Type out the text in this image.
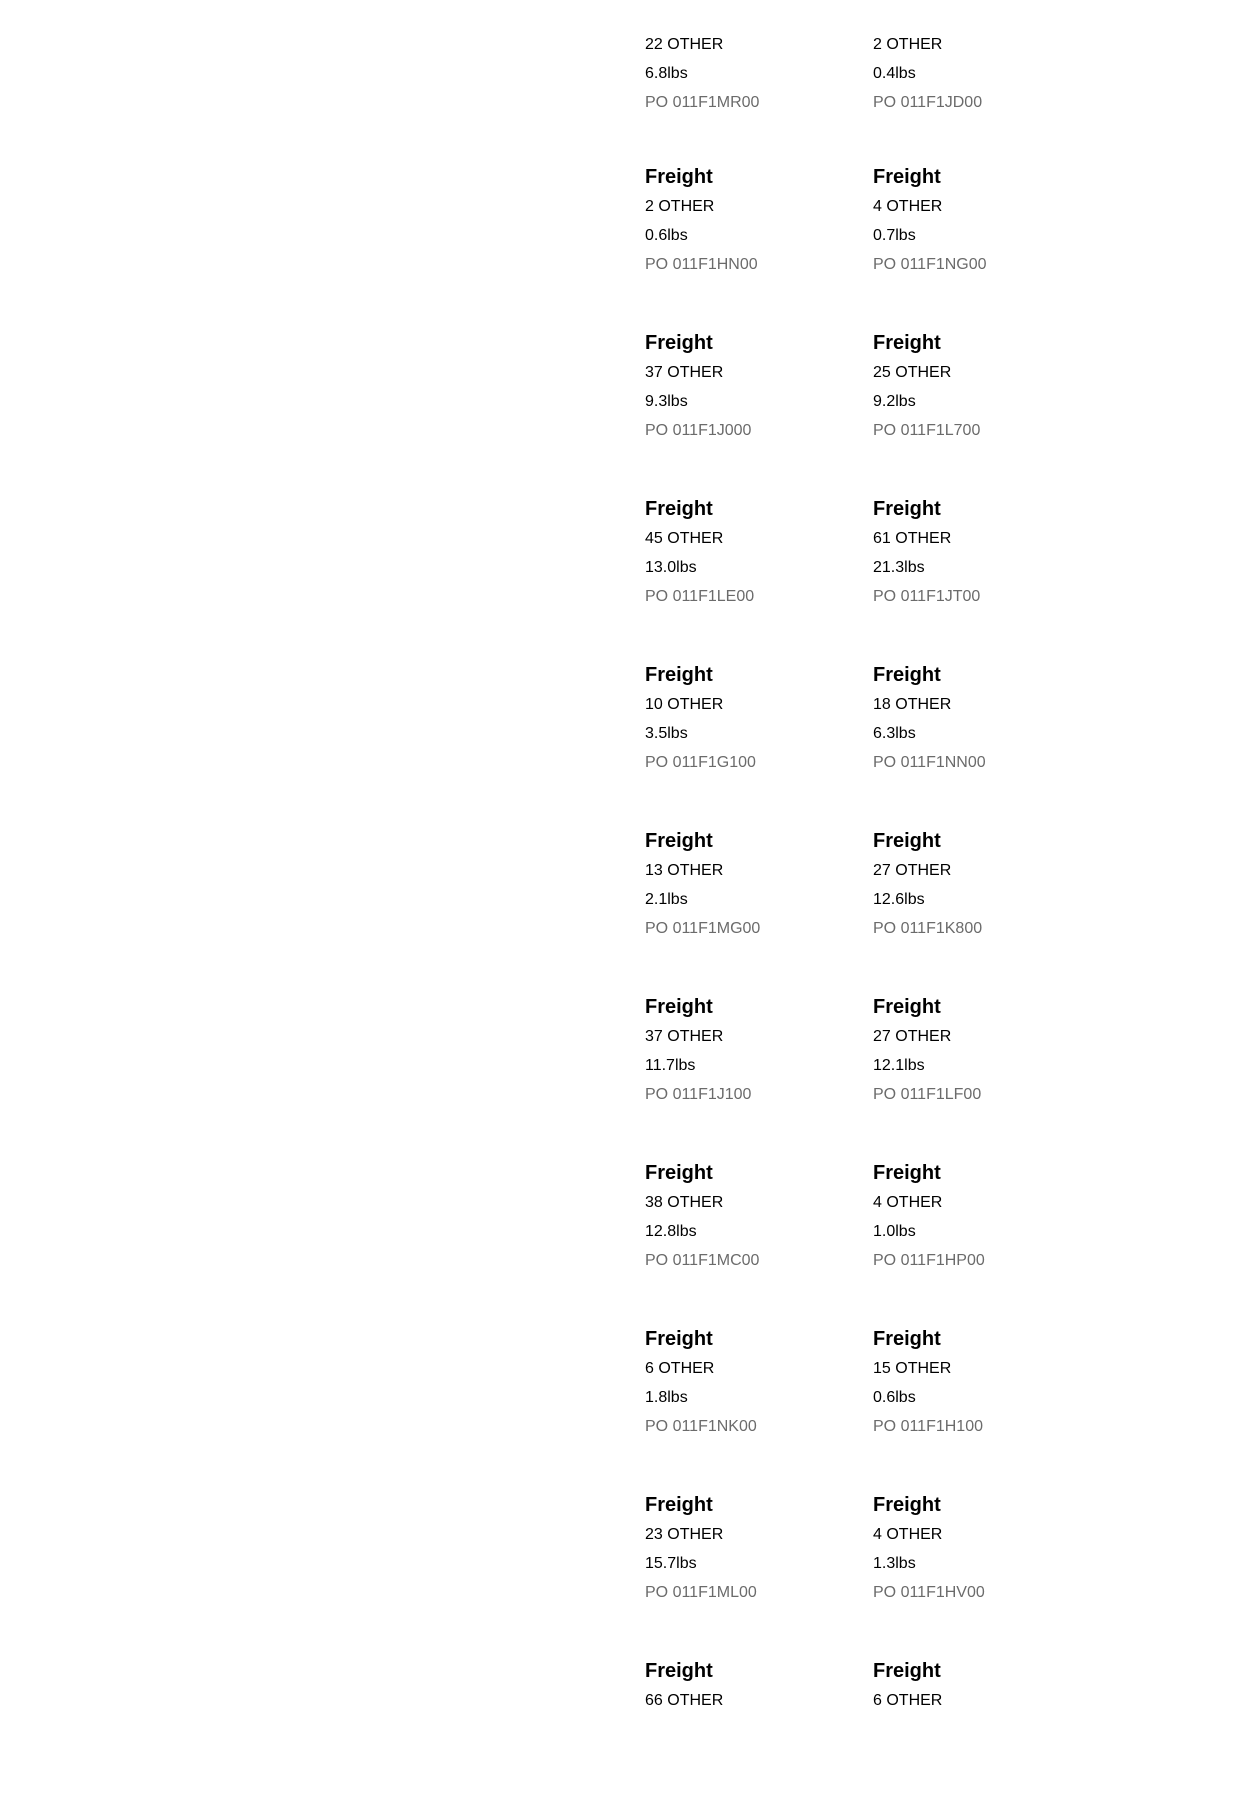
22 OTHER
6.8lbs
PO 011F1MR00
2 OTHER
0.4lbs
PO 011F1JD00
Freight
2 OTHER
0.6lbs
PO 011F1HN00
Freight
4 OTHER
0.7lbs
PO 011F1NG00
Freight
37 OTHER
9.3lbs
PO 011F1J000
Freight
25 OTHER
9.2lbs
PO 011F1L700
Freight
45 OTHER
13.0lbs
PO 011F1LE00
Freight
61 OTHER
21.3lbs
PO 011F1JT00
Freight
10 OTHER
3.5lbs
PO 011F1G100
Freight
18 OTHER
6.3lbs
PO 011F1NN00
Freight
13 OTHER
2.1lbs
PO 011F1MG00
Freight
27 OTHER
12.6lbs
PO 011F1K800
Freight
37 OTHER
11.7lbs
PO 011F1J100
Freight
27 OTHER
12.1lbs
PO 011F1LF00
Freight
38 OTHER
12.8lbs
PO 011F1MC00
Freight
4 OTHER
1.0lbs
PO 011F1HP00
Freight
6 OTHER
1.8lbs
PO 011F1NK00
Freight
15 OTHER
0.6lbs
PO 011F1H100
Freight
23 OTHER
15.7lbs
PO 011F1ML00
Freight
4 OTHER
1.3lbs
PO 011F1HV00
Freight
66 OTHER
Freight
6 OTHER
